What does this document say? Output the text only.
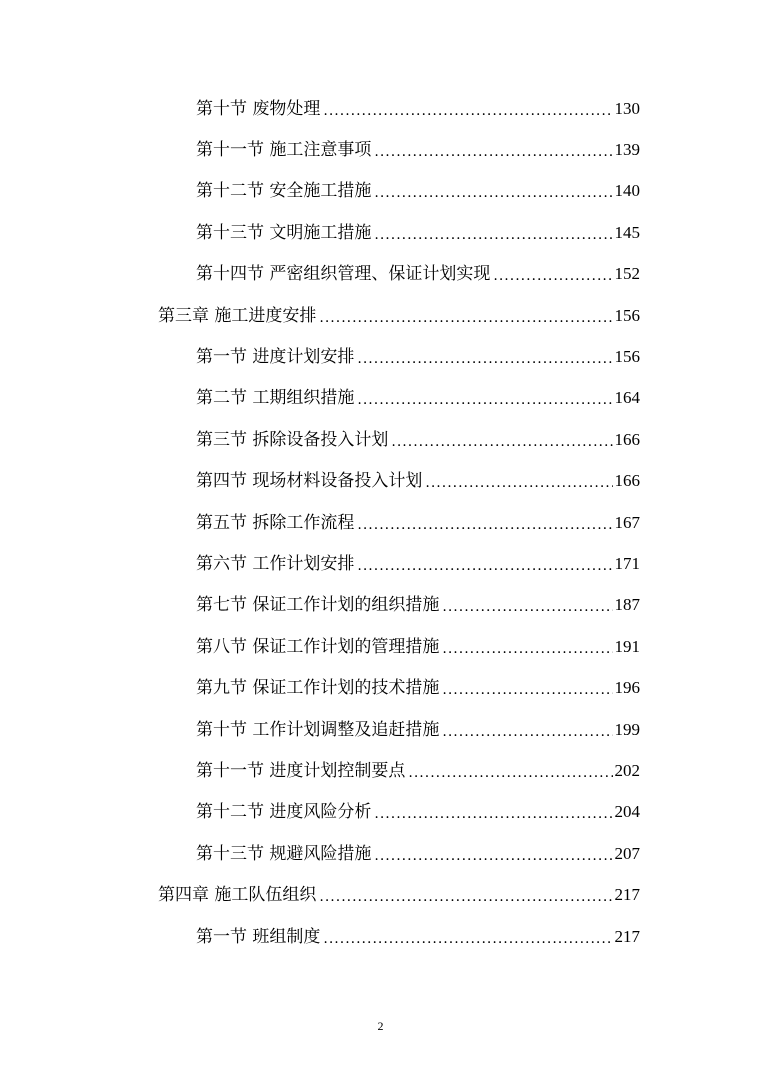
第十节 废物处理 .....	130
第十一节 施工注意事项 .....	139
第十二节 安全施工措施 .....	140
第十三节 文明施工措施 .....	145
第十四节 严密组织管理、保证计划实现 .....	152
第三章 施工进度安排 .....	156
第一节 进度计划安排 .....	156
第二节 工期组织措施 .....	164
第三节 拆除设备投入计划 .....	166
第四节 现场材料设备投入计划 .....	166
第五节 拆除工作流程 .....	167
第六节 工作计划安排 .....	171
第七节 保证工作计划的组织措施 .....	187
第八节 保证工作计划的管理措施 .....	191
第九节 保证工作计划的技术措施 .....	196
第十节 工作计划调整及追赶措施 .....	199
第十一节 进度计划控制要点 .....	202
第十二节 进度风险分析 .....	204
第十三节 规避风险措施 .....	207
第四章 施工队伍组织 .....	217
第一节 班组制度 .....	217
2
